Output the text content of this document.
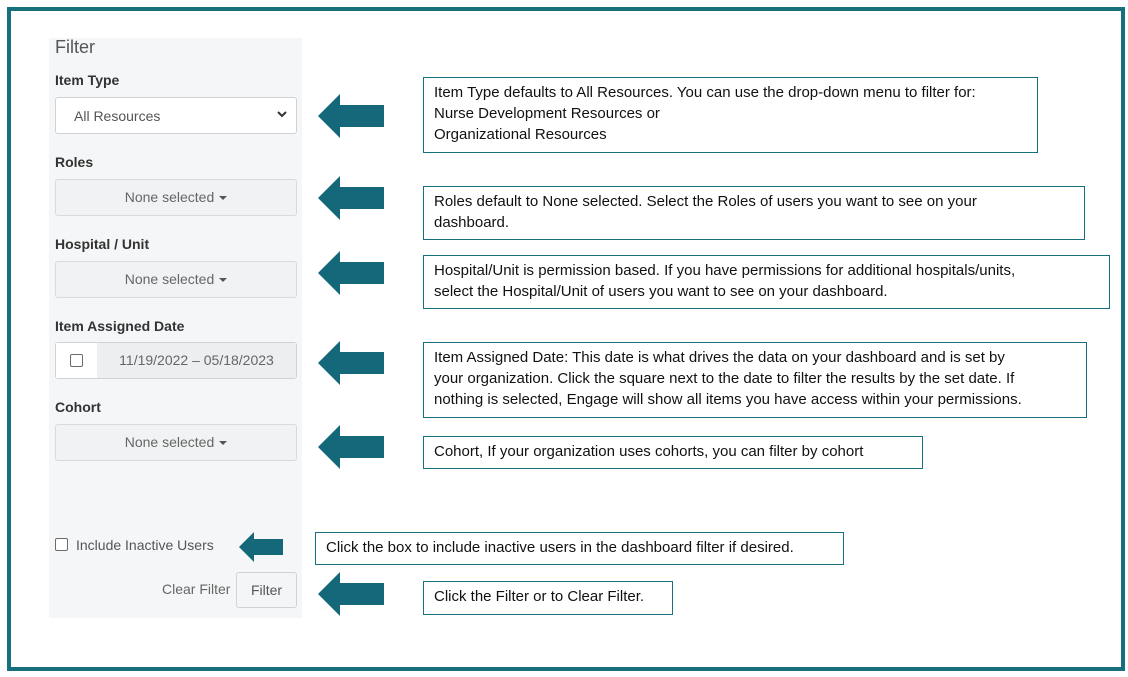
Filter
Item Type
All Resources
Roles
None selected
Hospital / Unit
None selected
Item Assigned Date
11/19/2022 – 05/18/2023
Cohort
None selected
Include Inactive Users
Clear Filter	Filter
Item Type defaults to All Resources. You can use the drop-down menu to filter for:
Nurse Development Resources or
Organizational Resources
Roles default to None selected. Select the Roles of users you want to see on your
dashboard.
Hospital/Unit is permission based. If you have permissions for additional hospitals/units,
select the Hospital/Unit of users you want to see on your dashboard.
Item Assigned Date: This date is what drives the data on your dashboard and is set by
your organization. Click the square next to the date to filter the results by the set date. If
nothing is selected, Engage will show all items you have access within your permissions.
Cohort, If your organization uses cohorts, you can filter by cohort
Click the box to include inactive users in the dashboard filter if desired.
Click the Filter or to Clear Filter.
